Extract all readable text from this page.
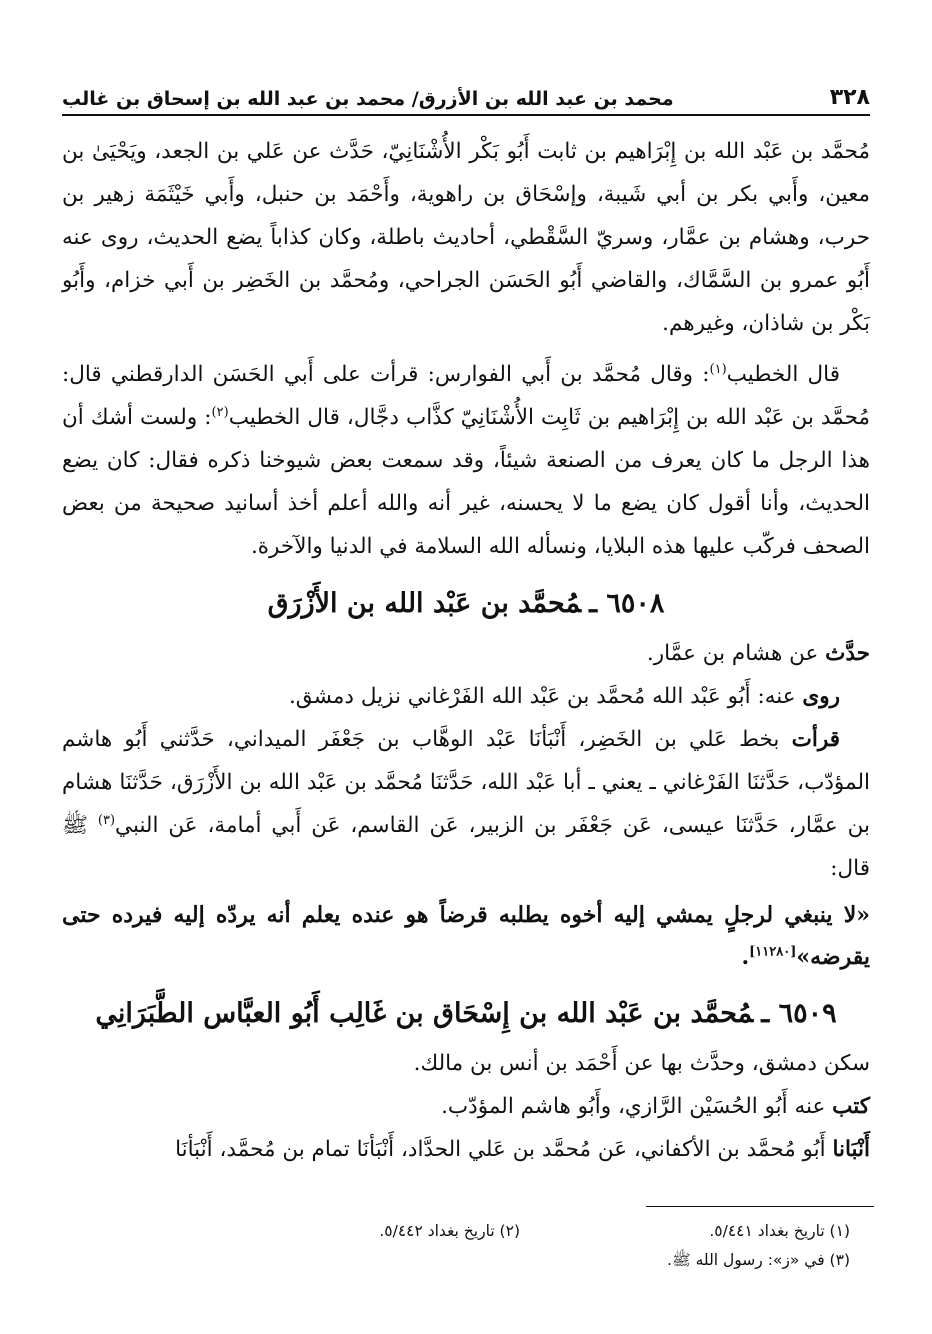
٣٢٨
محمد بن عبد الله بن الأزرق/ محمد بن عبد الله بن إسحاق بن غالب

مُحمَّد بن عَبْد الله بن إِبْرَاهيم بن ثابت أَبُو بَكْر الأُشْنَانِيّ، حَدَّث عن عَلي بن الجعد، ويَحْيَىٰ بن معين، وأَبي بكر بن أبي شَيبة، وإسْحَاق بن راهوية، وأَحْمَد بن حنبل، وأَبي خَيْثَمَة زهير بن حرب، وهشام بن عمَّار، وسريّ السَّقْطي، أحاديث باطلة، وكان كذاباً يضع الحديث، روى عنه أَبُو عمرو بن السَّمَّاك، والقاضي أَبُو الحَسَن الجراحي، ومُحمَّد بن الخَضِر بن أَبي خزام، وأَبُو بَكْر بن شاذان، وغيرهم.

قال الخطيب$^{(١)}$: وقال مُحمَّد بن أَبي الفوارس: قرأت على أَبي الحَسَن الدارقطني قال: مُحمَّد بن عَبْد الله بن إِبْرَاهيم بن ثَابِت الأُشْنَانِيّ كذَّاب دجَّال، قال الخطيب$^{(٢)}$: ولست أشك أن هذا الرجل ما كان يعرف من الصنعة شيئاً، وقد سمعت بعض شيوخنا ذكره فقال: كان يضع الحديث، وأنا أقول كان يضع ما لا يحسنه، غير أنه والله أعلم أخذ أسانيد صحيحة من بعض الصحف فركّب عليها هذه البلايا، ونسأله الله السلامة في الدنيا والآخرة.

٦٥٠٨ ـمُحمَّد بن عَبْد الله بن الأَزْرَق

حدَّث عن هشام بن عمَّار.

روى عنه: أَبُو عَبْد الله مُحمَّد بن عَبْد الله الفَرْغاني نزيل دمشق.

قرأت بخط عَلي بن الخَضِر، أَنْبَأنَا عَبْد الوهَّاب بن جَعْفَر الميداني، حَدَّثني أَبُو هاشم المؤدّب، حَدَّثنَا الفَرْغاني ـ يعني ـ أبا عَبْد الله، حَدَّثنَا مُحمَّد بن عَبْد الله بن الأَزْرَق، حَدَّثنَا هشام بن عمَّار، حَدَّثنَا عيسى، عَن جَعْفَر بن الزبير، عَن القاسم، عَن أَبي أمامة، عَن النبي$^{(٣)}$ ﷺ قال:

«لا ينبغي لرجلٍ يمشي إليه أخوه يطلبه قرضاً هو عنده يعلم أنه يردّه إليه فيرده حتى يقرضه»[١١٢٨٠].

٦٥٠٩ ـمُحمَّد بن عَبْد الله بن إِسْحَاق بن غَالِب أَبُو العبَّاس الطَّبَرَانِي

سكن دمشق، وحدَّث بها عن أَحْمَد بن أنس بن مالك.

كتب عنه أَبُو الحُسَيْن الرَّازي، وأَبُو هاشم المؤدّب.

أَنْبَانا أَبُو مُحمَّد بن الأكفاني، عَن مُحمَّد بن عَلي الحدَّاد، أَنْبَأنَا تمام بن مُحمَّد، أَنْبَأنَا

(١) تاريخ بغداد ٥/٤٤١.
(٢) تاريخ بغداد ٥/٤٤٢.
(٣) في «ز»: رسول الله ﷺ.
